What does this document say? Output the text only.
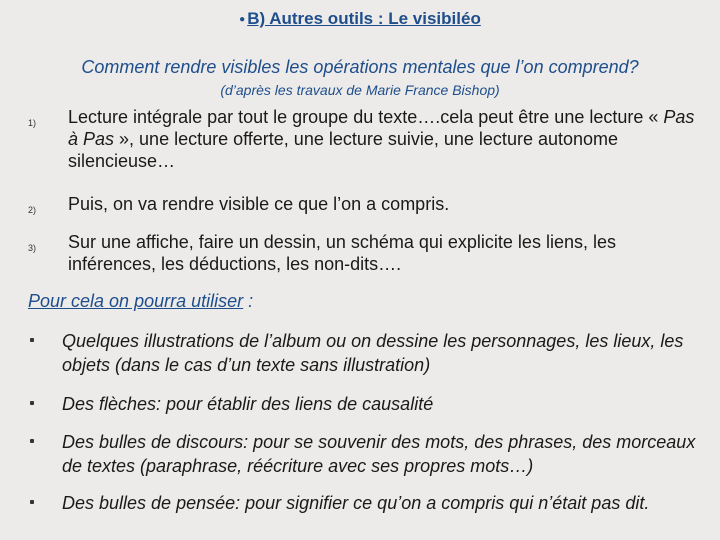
● B) Autres outils : Le visibiléo
Comment rendre visibles les opérations mentales que l’on comprend?
(d’après les travaux de Marie France Bishop)
1) Lecture intégrale par tout le groupe du texte….cela peut être une lecture « Pas à Pas », une lecture offerte, une lecture suivie, une lecture autonome silencieuse…
2) Puis, on va rendre visible ce que l’on a compris.
3) Sur une affiche, faire un dessin, un schéma qui explicite les liens, les inférences, les déductions, les non-dits….
Pour cela on pourra utiliser :
Quelques illustrations de l’album ou on dessine les personnages, les lieux, les objets (dans le cas d’un texte sans illustration)
Des flèches: pour établir des liens de causalité
Des bulles de discours: pour se souvenir des mots, des phrases, des morceaux de textes (paraphrase, réécriture avec ses propres mots…)
Des bulles de pensée: pour signifier ce qu’on a compris qui n’était pas dit.
